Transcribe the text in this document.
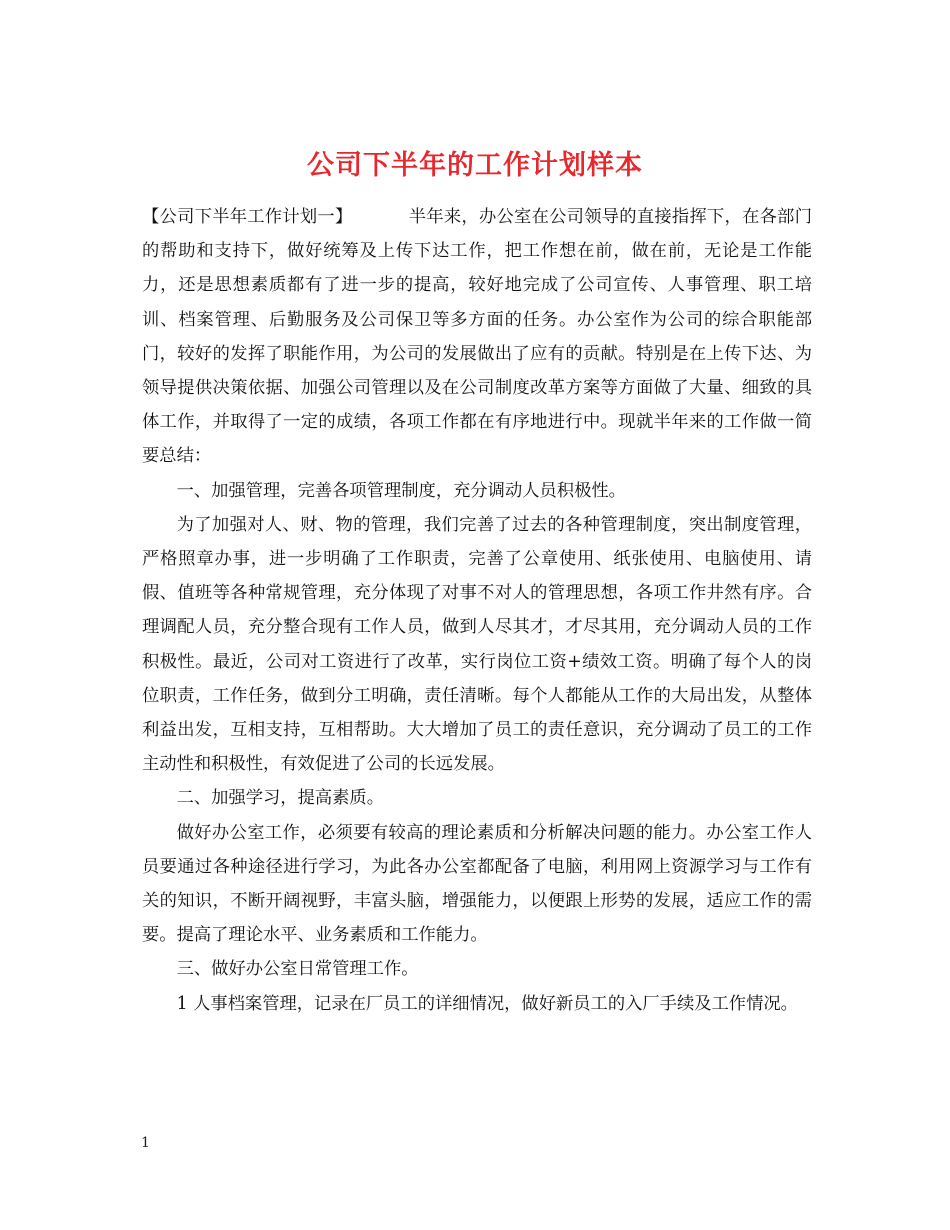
公司下半年的工作计划样本

【公司下半年工作计划一】	半年来，办公室在公司领导的直接指挥下，在各部门的帮助和支持下，做好统筹及上传下达工作，把工作想在前，做在前，无论是工作能力，还是思想素质都有了进一步的提高，较好地完成了公司宣传、人事管理、职工培训、档案管理、后勤服务及公司保卫等多方面的任务。办公室作为公司的综合职能部门，较好的发挥了职能作用，为公司的发展做出了应有的贡献。特别是在上传下达、为领导提供决策依据、加强公司管理以及在公司制度改革方案等方面做了大量、细致的具体工作，并取得了一定的成绩，各项工作都在有序地进行中。现就半年来的工作做一简要总结：

一、加强管理，完善各项管理制度，充分调动人员积极性。

为了加强对人、财、物的管理，我们完善了过去的各种管理制度，突出制度管理，严格照章办事，进一步明确了工作职责，完善了公章使用、纸张使用、电脑使用、请假、值班等各种常规管理，充分体现了对事不对人的管理思想，各项工作井然有序。合理调配人员，充分整合现有工作人员，做到人尽其才，才尽其用，充分调动人员的工作积极性。最近，公司对工资进行了改革，实行岗位工资+绩效工资。明确了每个人的岗位职责，工作任务，做到分工明确，责任清晰。每个人都能从工作的大局出发，从整体利益出发，互相支持，互相帮助。大大增加了员工的责任意识，充分调动了员工的工作主动性和积极性，有效促进了公司的长远发展。

二、加强学习，提高素质。

做好办公室工作，必须要有较高的理论素质和分析解决问题的能力。办公室工作人员要通过各种途径进行学习，为此各办公室都配备了电脑，利用网上资源学习与工作有关的知识，不断开阔视野，丰富头脑，增强能力，以便跟上形势的发展，适应工作的需要。提高了理论水平、业务素质和工作能力。

三、做好办公室日常管理工作。

1 人事档案管理，记录在厂员工的详细情况，做好新员工的入厂手续及工作情况。

1
